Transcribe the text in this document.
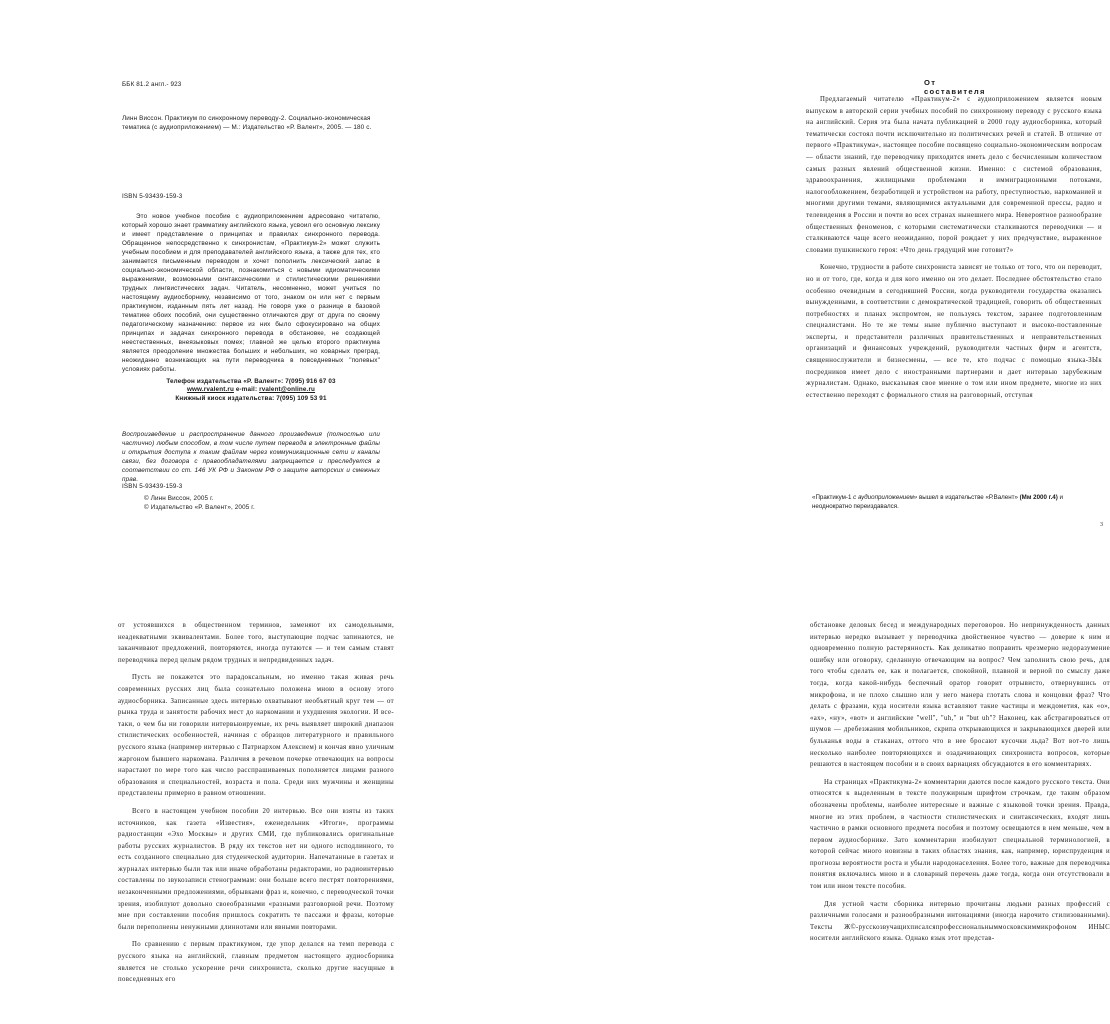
ББК 81.2 англ.- 923
Линн Виссон. Практикум по синхронному переводу-2. Социально-экономическая тематика (с аудиоприложением) — М.: Издательство «Р. Валент», 2005. — 180 с.
ISBN 5-93439-159-3
Это новое учебное пособие с аудиоприложением адресовано читателю, который хорошо знает грамматику английского языка, усвоил его основную лексику и имеет представление о принципах и правилах синхронного перевода. Обращенное непосредственно к синхронистам, «Практикум-2» может служить учебным пособием и для преподавателей английского языка, а также для тех, кто занимается письменным переводом и хочет пополнить лексический запас в социально-экономической области, познакомиться с новыми идиоматическими выражениями, возможными синтаксическими и стилистическими решениями трудных лингвистических задач. Читатель, несомненно, может учиться по настоящему аудиосборнику, независимо от того, знаком он или нет с первым практикумом, изданным пять лет назад. Не говоря уже о разнице в базовой тематике обоих пособий, они существенно отличаются друг от друга по своему педагогическому назначению: первое из них было сфокусировано на общих принципах и задачах синхронного перевода в обстановке, не создающей неестественных, внеязыковых помех; главной же целью второго практикума является преодоление множества больших и небольших, но коварных преград, неожиданно возникающих на пути переводчика в повседневных "полевых" условиях работы.
Телефон издательства «Р. Валент»: 7(095) 916 67 03
www.rvalent.ru e-mail: rvalent@online.ru
Книжный киоск издательства: 7(095) 109 53 91
Воспроизведение и распространение данного произведения (полностью или частично) любым способом, в том числе путем перевода в электронные файлы и открытия доступа к таким файлам через коммуникационные сети и каналы связи, без договора с правообладателями запрещается и преследуется в соответствии со ст. 146 УК РФ и Законом РФ о защите авторских и смежных прав.
ISBN 5-93439-159-3
© Линн Виссон, 2005 г.
© Издательство «Р. Валент», 2005 г.
От составителя

Предлагаемый читателю «Практикум-2» с аудиоприложением является новым выпуском в авторской серии учебных пособий по синхронному переводу с русского языка на английский. Серия эта была начата публикацией в 2000 году аудиосборника, который тематически состоял почти исключительно из политических речей и статей. В отличие от первого «Практикума», настоящее пособие посвящено социально-экономическим вопросам — области знаний, где переводчику приходится иметь дело с бесчисленным количеством самых разных явлений общественной жизни. Именно: с системой образования, здравоохранения, жилищными проблемами и иммиграционными потоками, налогообложением, безработицей и устройством на работу, преступностью, наркоманией и многими другими темами, являющимися актуальными для современной прессы, радио и телевидения в России и почти во всех странах нынешнего мира. Невероятное разнообразие общественных феноменов, с которыми систематически сталкиваются переводчики — и сталкиваются чаще всего неожиданно, порой рождает у них предчувствие, выраженное словами пушкинского героя: «Что день грядущий мне готовит?»

Конечно, трудности в работе синхрониста зависят не только от того, что он переводит, но и от того, где, когда и для кого именно он это делает. Последнее обстоятельство стало особенно очевидным в сегодняшней России, когда руководители государства оказались вынужденными, в соответствии с демократической традицией, говорить об общественных потребностях и планах экспромтом, не пользуясь текстом, заранее подготовленным специалистами. Но те же темы ныне публично выступают и высоко-поставленные эксперты, и представители различных правительственных и неправительственных организаций и финансовых учреждений, руководители частных фирм и агентств, священнослужители и бизнесмены, — все те, кто подчас с помощью языка-ЗЫк посредников имеет дело с иностранными партнерами и дает интервью зарубежным журналистам. Однако, высказывая свое мнение о том или ином предмете, многие из них естественно переходят с формального стиля на разговорный, отступая

«Практикум-1 с аудиоприложением» вышел в издательстве «Р.Валент» (Мм 2000 г.4) и неоднократно переиздавался.
3

от устоявшихся в общественном терминов, заменяют их самодельными, неадекватными эквивалентами. Более того, выступающие подчас запинаются, не заканчивают предложений, повторяются, иногда путаются — и тем самым ставят переводчика перед целым рядом трудных и непредвиденных задач.

Пусть не покажется это парадоксальным, но именно такая живая речь современных русских лиц была сознательно положена мною в основу этого аудиосборника. Записанные здесь интервью охватывают необъятный круг тем — от рынка труда и занятости рабочих мест до наркомании и ухудшения экологии. И все-таки, о чем бы ни говорили интервьюируемые, их речь выявляет широкий диапазон стилистических особенностей, начиная с образцов литературного и правильного русского языка (например интервью с Патриархом Алексием) и кончая явно уличным жаргоном бывшего наркомана. Различия в речевом почерке отвечающих на вопросы нарастают по мере того как число расспрашиваемых пополняется лицами разного образования и специальностей, возраста и пола. Среди них мужчины и женщины представлены примерно в равном отношении.

Всего в настоящем учебном пособии 20 интервью. Все они взяты из таких источников, как газета «Известия», еженедельник «Итоги», программы радиостанции «Эхо Москвы» и других СМИ, где публиковались оригинальные работы русских журналистов. В ряду их текстов нет ни одного исподлинного, то есть созданного специально для студенческой аудитории. Напечатанные в газетах и журналах интервью были так или иначе обработаны редакторами, но радиоинтервью составлены по звукозаписи стенограммам: они больше всего пестрят повторениями, незаконченными предложениями, обрывками фраз и, конечно, с переводческой точки зрения, изобилуют довольно своеобразными «разными разговорной речи. Поэтому мне при составлении пособия пришлось сократить те пассажи и фразы, которые были переполнены ненужными длиннотами или явными повторами.

По сравнению с первым практикумом, где упор делался на темп перевода с русского языка на английский, главным предметом настоящего аудиосборника является не столько ускорение речи синхрониста, сколько другие насущные в повседневных его

обстановке деловых бесед и международных переговоров. Но непринужденность данных интервью нередко вызывает у переводчика двойственное чувство — доверие к ним и одновременно полную растерянность. Как деликатно поправить чрезмерно недоразумение ошибку или оговорку, сделанную отвечающим на вопрос? Чем заполнить свою речь, для того чтобы сделать ее, как и полагается, спокойной, плавной и верной по смыслу даже тогда, когда какой-нибудь беспечный оратор говорит отрывисто, отвернувшись от микрофона, и не плохо слышно или у него манера глотать слова и концовки фраз? Что делать с фразами, куда носители языка вставляют такие частицы и междометия, как «о», «ах», «ну», «вот» и английские "well", "uh," и "but uh"? Наконец, как абстрагироваться от шумов — дребезжания мобильников, скрипа открывающихся и закрывающихся дверей или бульканья воды в стаканах, оттого что в нее бросают кусочки льда? Вот вот-то лишь несколько наиболее повторяющихся и озадачивающих синхрониста вопросов, которые решаются в настоящем пособии и в своих вариациях обсуждаются в его комментариях.

На страницах «Практикума-2» комментарии даются после каждого русского текста. Они относятся к выделенным в тексте полужирным шрифтом строчкам, где таким образом обозначены проблемы, наиболее интересные и важные с языковой точки зрения. Правда, многие из этих проблем, в частности стилистических и синтаксических, входят лишь частично в рамки основного предмета пособия и поэтому освещаются в нем меньше, чем в первом аудиосборнике. Зато комментарии изобилуют специальной терминологией, в которой сейчас много новизны в таких областях знания, как, например, юриспруденция и прогнозы вероятности роста и убыли народонаселения. Более того, важные для переводчика понятия включались мною и в словарный перечень даже тогда, когда они отсутствовали в том или ином тексте пособия.

Для устной части сборника интервью прочитаны людьми разных профессий с различными голосами и разнообразными интонациями (иногда нарочито стилизованными). Тексты Ж©-русскозвучащихписалсяпрофессиональныммосковскиммикрофоном ИНЫС носители английского языка. Однако язык этот представ-
